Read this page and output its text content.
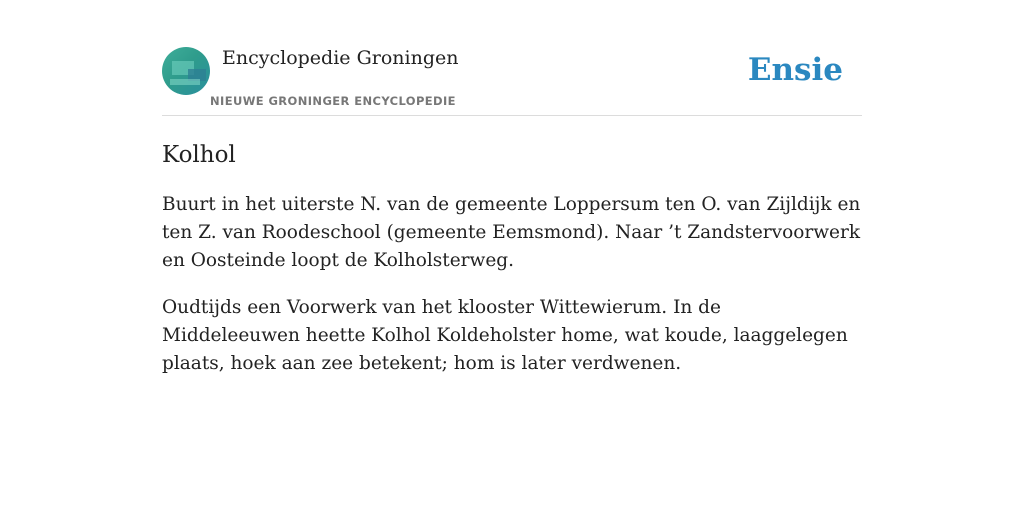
Encyclopedie Groningen
NIEUWE GRONINGER ENCYCLOPEDIE
Ensie
Kolhol

Buurt in het uiterste N. van de gemeente Loppersum ten O. van Zijldijk en ten Z. van Roodeschool (gemeente Eemsmond). Naar ’t Zandstervoorwerk en Oosteinde loopt de Kolholsterweg.

Oudtijds een Voorwerk van het klooster Wittewierum. In de Middeleeuwen heette Kolhol Koldeholster home, wat koude, laaggelegen plaats, hoek aan zee betekent; hom is later verdwenen.
